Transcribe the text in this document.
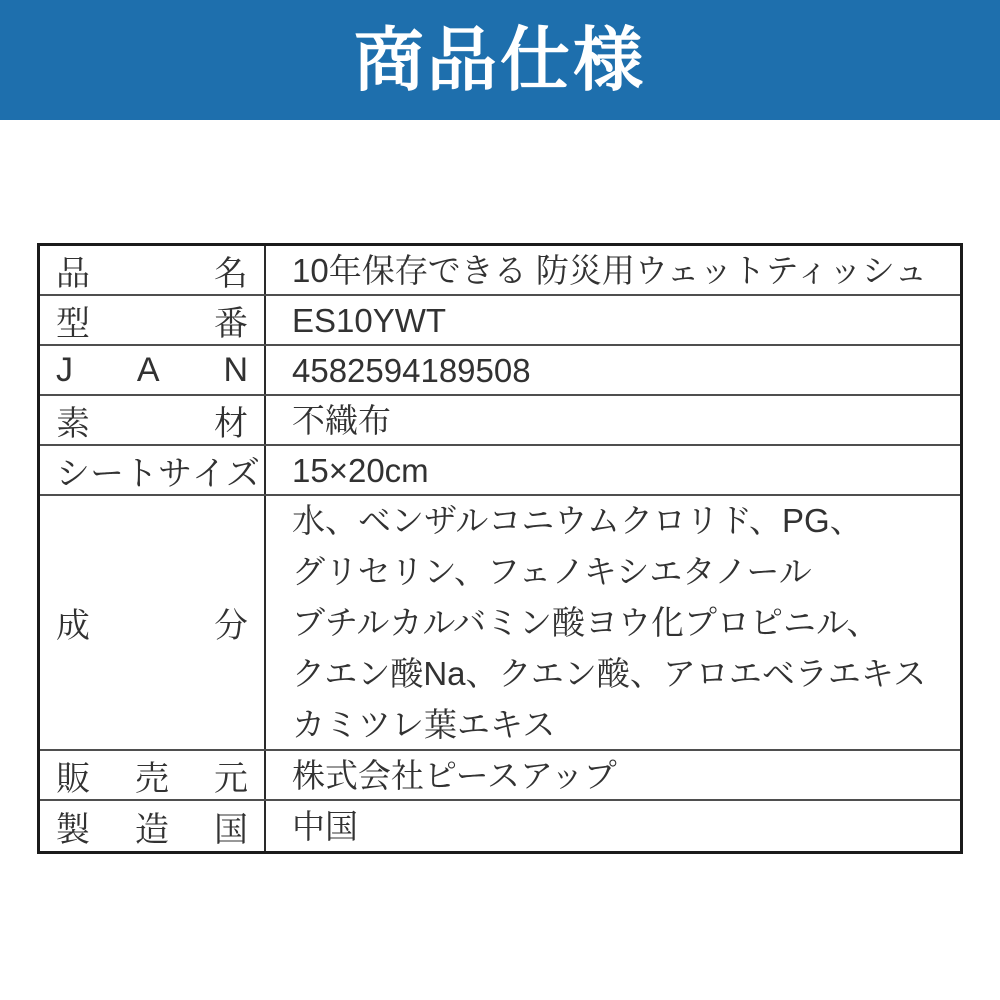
商品仕様
品	名 10年保存できる 防災用ウェットティッシュ
型	番 ES10YWT
J A N 4582594189508
素	材 不織布
シ ー ト サ イ ズ 15×20cm
成	分
水、ベンザルコニウムクロリド、PG、
グリセリン、フェノキシエタノール
ブチルカルバミン酸ヨウ化プロピニル、
クエン酸Na、クエン酸、アロエベラエキス
カミツレ葉エキス
販 売 元 株式会社ピースアップ
製 造 国 中国
